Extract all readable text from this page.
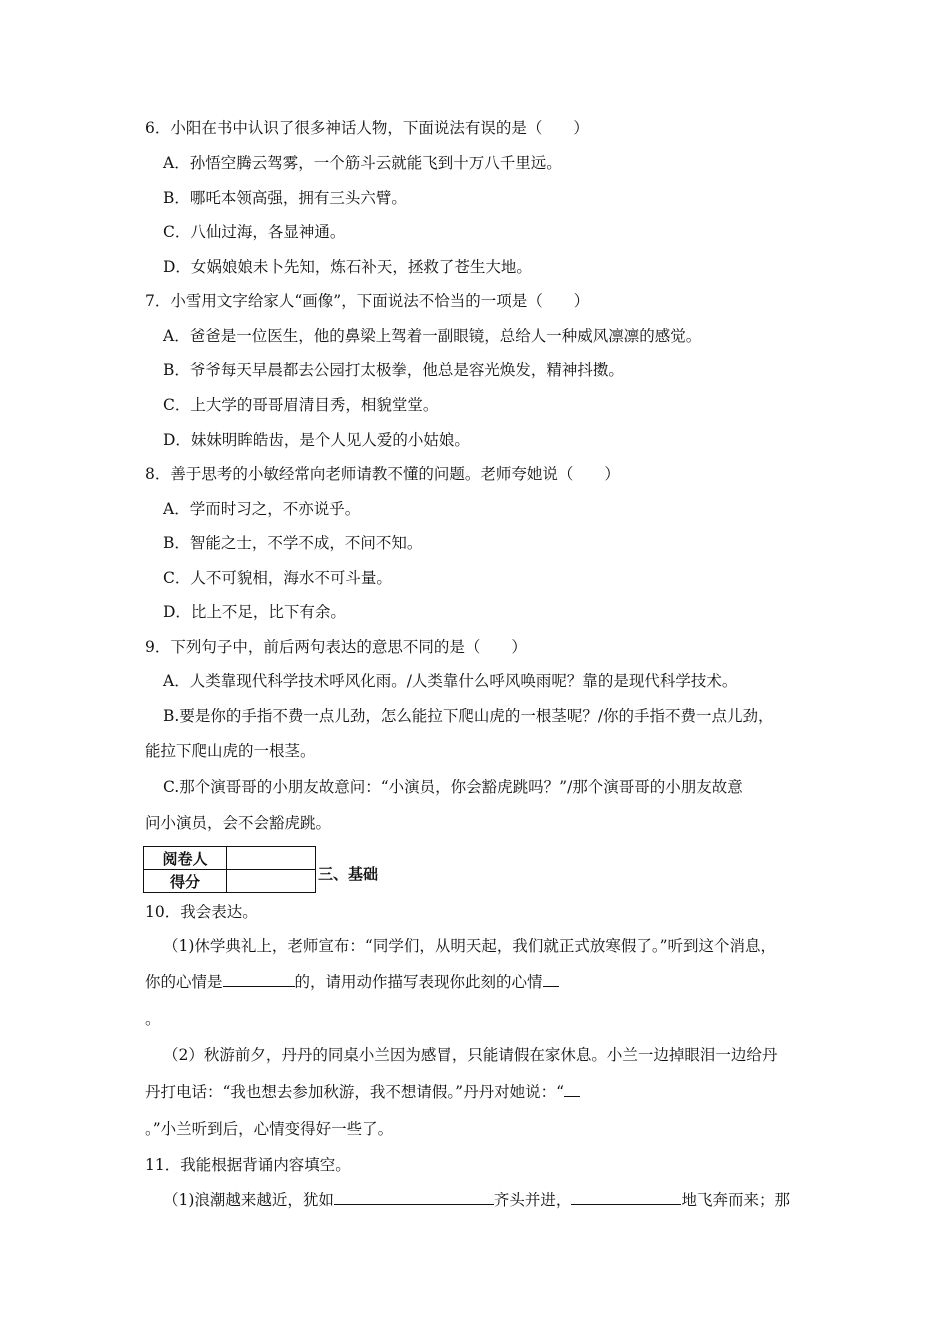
6．小阳在书中认识了很多神话人物，下面说法有误的是（　　）
A．孙悟空腾云驾雾，一个筋斗云就能飞到十万八千里远。
B．哪吒本领高强，拥有三头六臂。
C．八仙过海，各显神通。
D．女娲娘娘未卜先知，炼石补天，拯救了苍生大地。
7．小雪用文字给家人“画像”，下面说法不恰当的一项是（　　）
A．爸爸是一位医生，他的鼻梁上驾着一副眼镜，总给人一种威风凛凛的感觉。
B．爷爷每天早晨都去公园打太极拳，他总是容光焕发，精神抖擞。
C．上大学的哥哥眉清目秀，相貌堂堂。
D．妹妹明眸皓齿，是个人见人爱的小姑娘。
8．善于思考的小敏经常向老师请教不懂的问题。老师夸她说（　　）
A．学而时习之，不亦说乎。
B．智能之士，不学不成，不问不知。
C．人不可貌相，海水不可斗量。
D．比上不足，比下有余。
9．下列句子中，前后两句表达的意思不同的是（　　）
A．人类靠现代科学技术呼风化雨。/人类靠什么呼风唤雨呢？靠的是现代科学技术。
B.要是你的手指不费一点儿劲，怎么能拉下爬山虎的一根茎呢？/你的手指不费一点儿劲，
能拉下爬山虎的一根茎。
C.那个演哥哥的小朋友故意问：“小演员，你会豁虎跳吗？”/那个演哥哥的小朋友故意
问小演员，会不会豁虎跳。
阅卷人	
得分		三、基础
10．我会表达。
（1)休学典礼上，老师宣布：“同学们，从明天起，我们就正式放寒假了。”听到这个消息，
你的心情是	的，请用动作描写表现你此刻的心情
。
（2）秋游前夕，丹丹的同桌小兰因为感冒，只能请假在家休息。小兰一边掉眼泪一边给丹
丹打电话：“我也想去参加秋游，我不想请假。”丹丹对她说：“
。”小兰听到后，心情变得好一些了。
11．我能根据背诵内容填空。
（1)浪潮越来越近，犹如	齐头并进，	地飞奔而来；那
